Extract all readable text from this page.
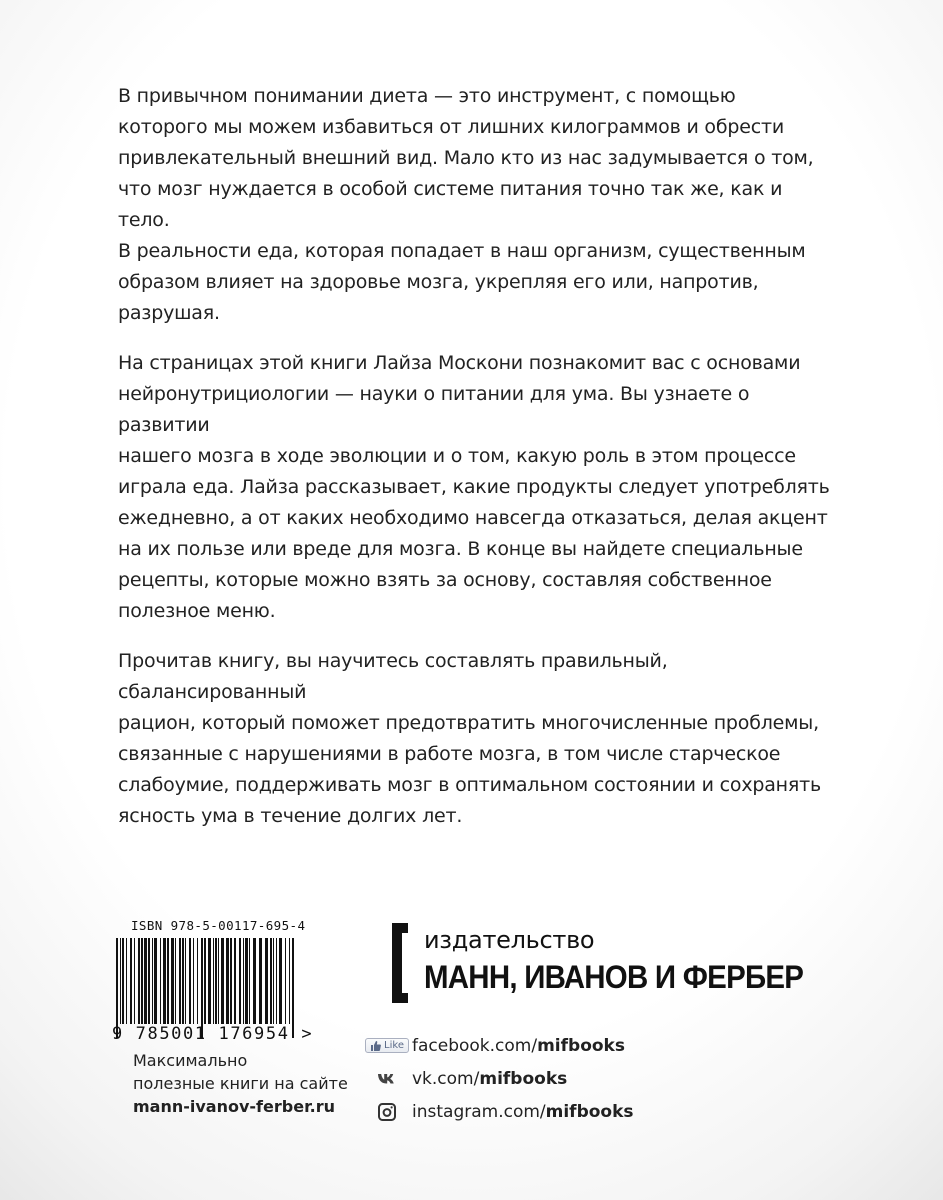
В привычном понимании диета — это инструмент, с помощью
которого мы можем избавиться от лишних килограммов и обрести
привлекательный внешний вид. Мало кто из нас задумывается о том,
что мозг нуждается в особой системе питания точно так же, как и тело.
В реальности еда, которая попадает в наш организм, существенным
образом влияет на здоровье мозга, укрепляя его или, напротив, разрушая.

На страницах этой книги Лайза Москони познакомит вас с основами
нейронутрициологии — науки о питании для ума. Вы узнаете о развитии
нашего мозга в ходе эволюции и о том, какую роль в этом процессе
играла еда. Лайза рассказывает, какие продукты следует употреблять
ежедневно, а от каких необходимо навсегда отказаться, делая акцент
на их пользе или вреде для мозга. В конце вы найдете специальные
рецепты, которые можно взять за основу, составляя собственное
полезное меню.

Прочитав книгу, вы научитесь составлять правильный, сбалансированный
рацион, который поможет предотвратить многочисленные проблемы,
связанные с нарушениями в работе мозга, в том числе старческое
слабоумие, поддерживать мозг в оптимальном состоянии и сохранять
ясность ума в течение долгих лет.

ISBN 978-5-00117-695-4
9 785001 176954 >
Максимально
полезные книги на сайте
mann-ivanov-ferber.ru
издательство
МАНН, ИВАНОВ И ФЕРБЕР
Like facebook.com/mifbooks
vk.com/mifbooks
instagram.com/mifbooks
